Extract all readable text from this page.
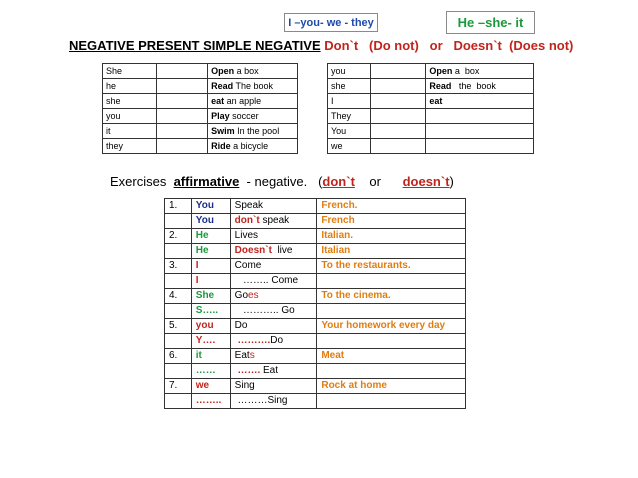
I –you- we - they	He –she- it
NEGATIVE PRESENT SIMPLE NEGATIVE Don`t   (Do not)   or   Doesn`t  (Does not)
She		Open a box
he		Read The book
she		eat an apple
you		Play soccer
it		Swim In the pool
they		Ride a bicycle
you		Open a  box
she		Read   the  book
I		eat
They		
You		
we		
Exercises  affirmative  - negative.   (don`t    or      doesn`t)
1.	You	Speak	French.
	You	don`t speak	French
2.	He	Lives	Italian.
	He	Doesn`t  live	Italian
3.	I	Come	To the restaurants.
	I	…….. Come	
4.	She	Goes	To the cinema.
	S…..	……….. Go	
5.	you	Do	Your homework every day
	Y….	……….Do	
6.	it	Eats	Meat
	……	……. Eat	
7.	we	Sing	Rock at home
	……..	………Sing	
